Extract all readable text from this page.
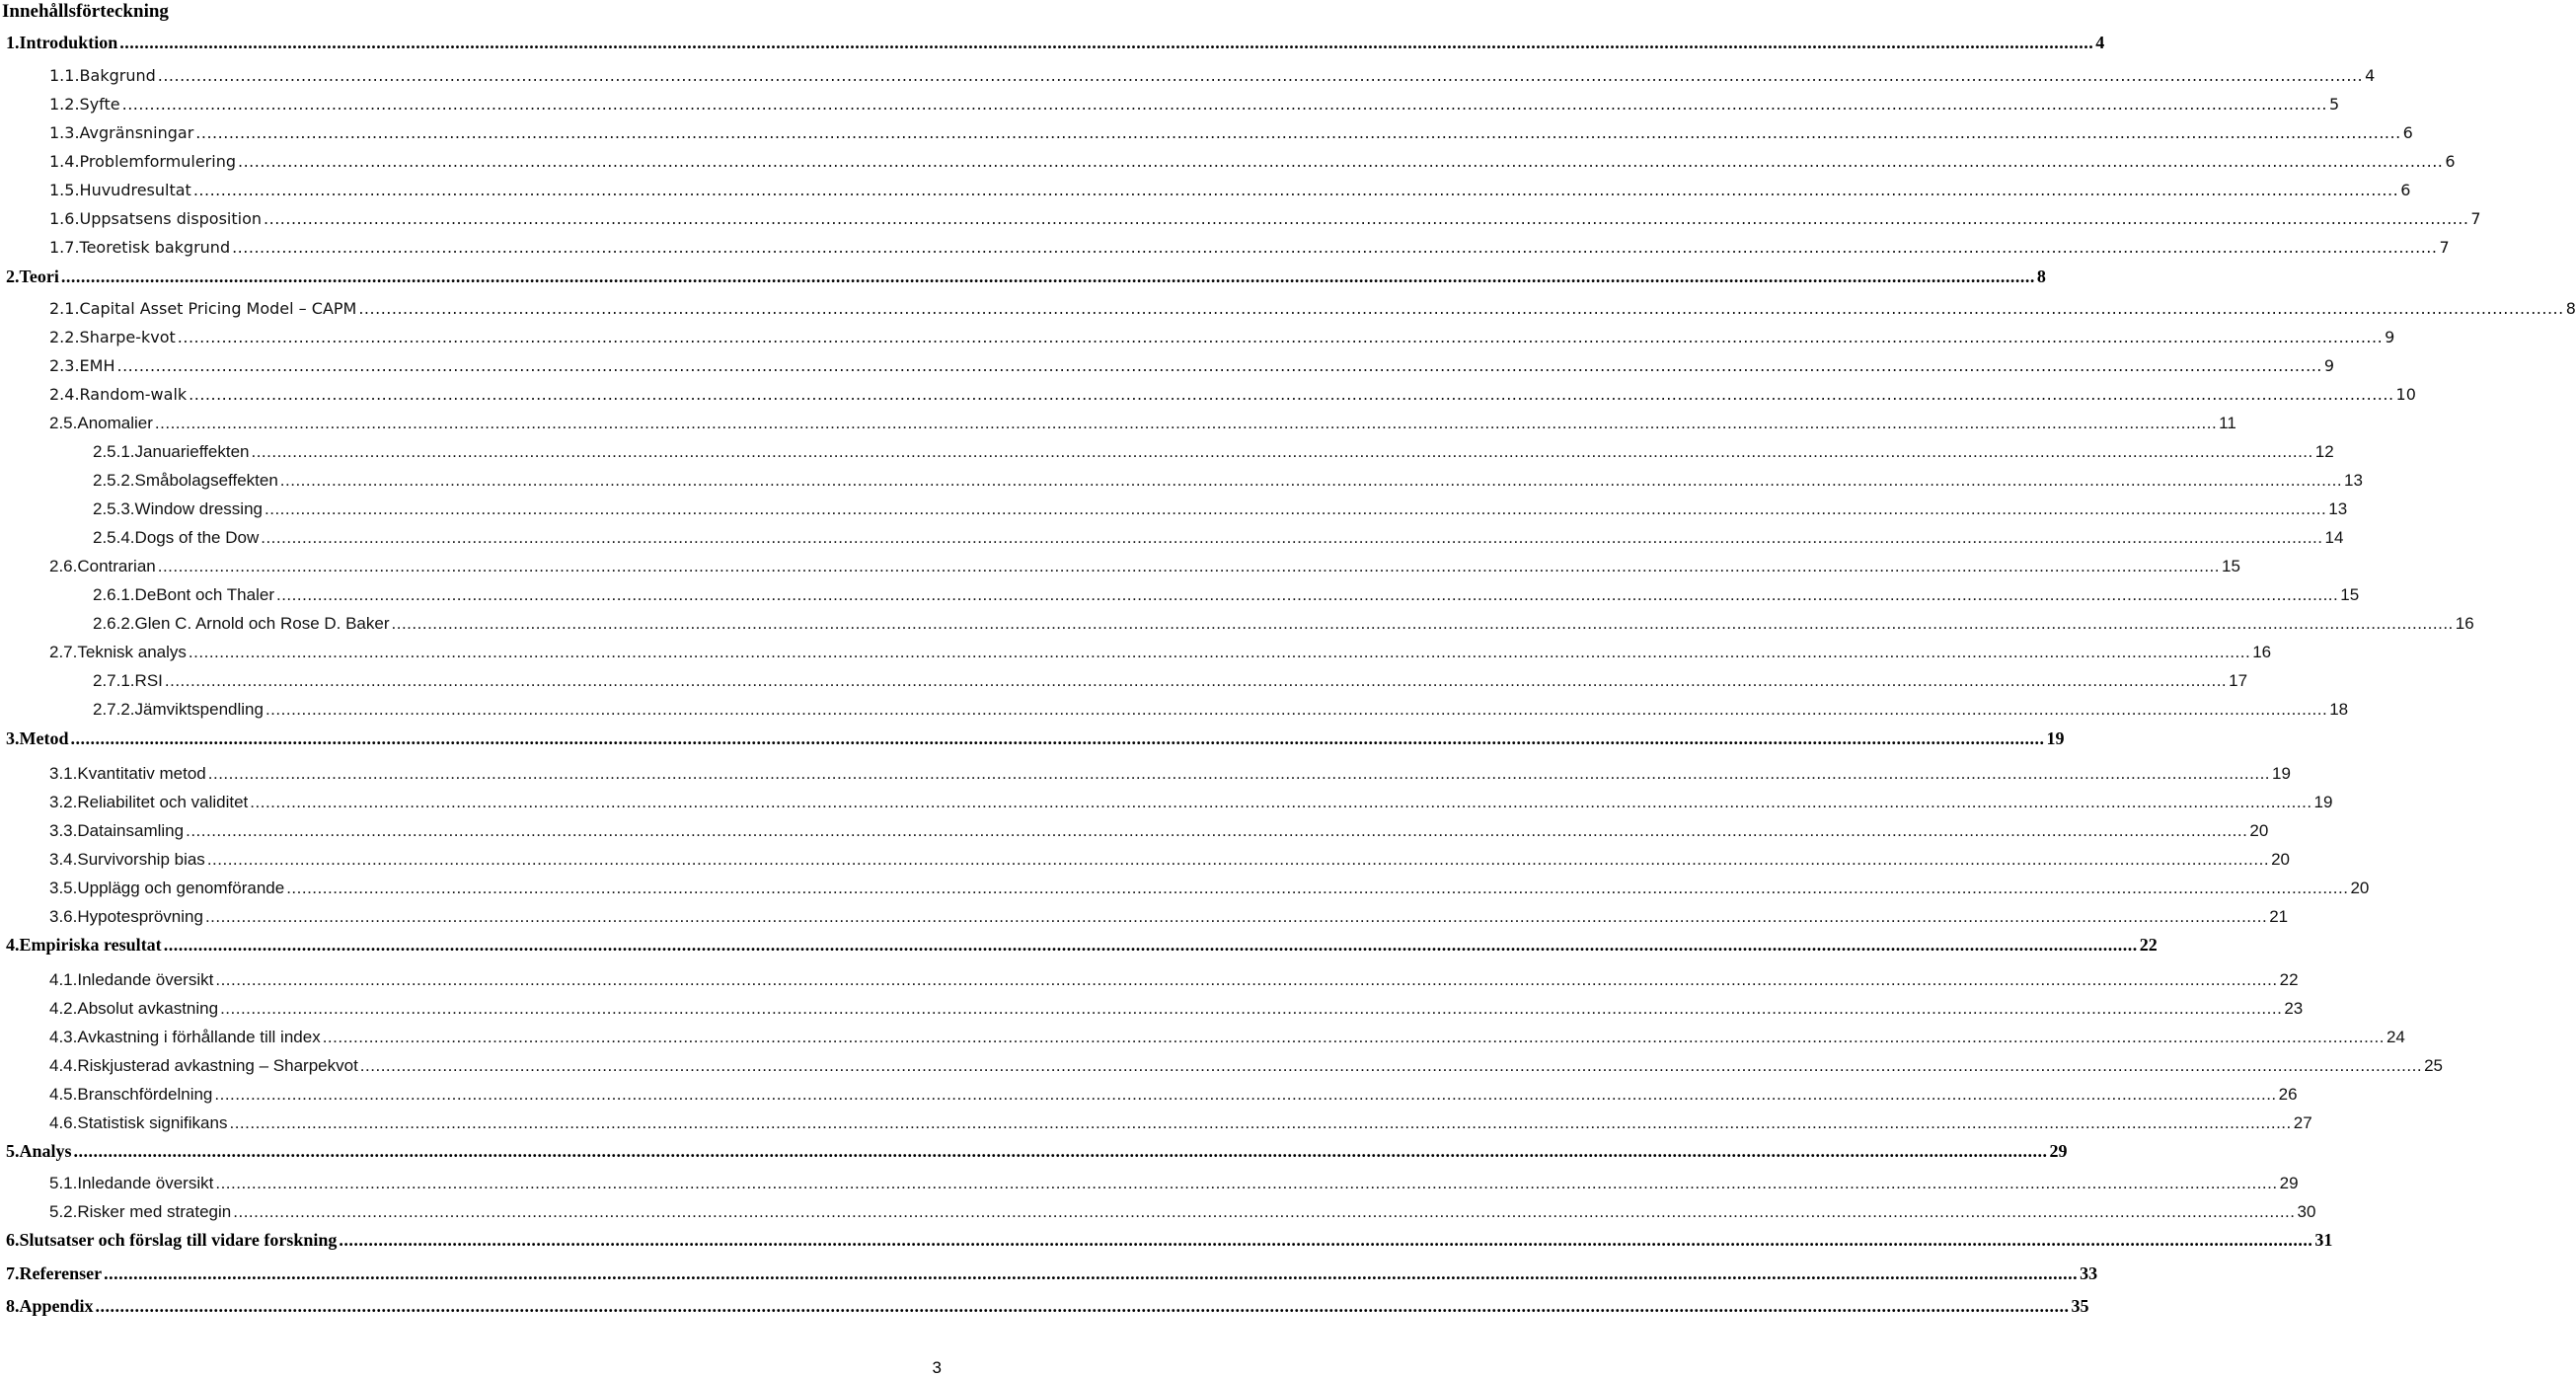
Innehållsförteckning
1. Introduktion ................................................................................................................................................................................................................................................................................................................................................................................................................ 4
1.1. Bakgrund ................................................................................................................................................................................................................................................................................................................................................................................................................ 4
1.2. Syfte ................................................................................................................................................................................................................................................................................................................................................................................................................ 5
1.3. Avgränsningar ................................................................................................................................................................................................................................................................................................................................................................................................................ 6
1.4. Problemformulering ................................................................................................................................................................................................................................................................................................................................................................................................................ 6
1.5. Huvudresultat ................................................................................................................................................................................................................................................................................................................................................................................................................ 6
1.6. Uppsatsens disposition ................................................................................................................................................................................................................................................................................................................................................................................................................ 7
1.7. Teoretisk bakgrund ................................................................................................................................................................................................................................................................................................................................................................................................................ 7
2. Teori ................................................................................................................................................................................................................................................................................................................................................................................................................ 8
2.1. Capital Asset Pricing Model – CAPM ................................................................................................................................................................................................................................................................................................................................................................................................................ 8
2.2. Sharpe-kvot ................................................................................................................................................................................................................................................................................................................................................................................................................ 9
2.3. EMH ................................................................................................................................................................................................................................................................................................................................................................................................................ 9
2.4. Random-walk ................................................................................................................................................................................................................................................................................................................................................................................................................ 10
2.5. Anomalier ................................................................................................................................................................................................................................................................................................................................................................................................................ 11
2.5.1. Januarieffekten ................................................................................................................................................................................................................................................................................................................................................................................................................ 12
2.5.2. Småbolagseffekten ................................................................................................................................................................................................................................................................................................................................................................................................................ 13
2.5.3. Window dressing ................................................................................................................................................................................................................................................................................................................................................................................................................ 13
2.5.4. Dogs of the Dow ................................................................................................................................................................................................................................................................................................................................................................................................................ 14
2.6. Contrarian ................................................................................................................................................................................................................................................................................................................................................................................................................ 15
2.6.1. DeBont och Thaler ................................................................................................................................................................................................................................................................................................................................................................................................................ 15
2.6.2. Glen C. Arnold och Rose D. Baker ................................................................................................................................................................................................................................................................................................................................................................................................................ 16
2.7. Teknisk analys ................................................................................................................................................................................................................................................................................................................................................................................................................ 16
2.7.1. RSI ................................................................................................................................................................................................................................................................................................................................................................................................................ 17
2.7.2. Jämviktspendling ................................................................................................................................................................................................................................................................................................................................................................................................................ 18
3. Metod ................................................................................................................................................................................................................................................................................................................................................................................................................ 19
3.1. Kvantitativ metod ................................................................................................................................................................................................................................................................................................................................................................................................................ 19
3.2. Reliabilitet och validitet ................................................................................................................................................................................................................................................................................................................................................................................................................ 19
3.3. Datainsamling ................................................................................................................................................................................................................................................................................................................................................................................................................ 20
3.4. Survivorship bias ................................................................................................................................................................................................................................................................................................................................................................................................................ 20
3.5. Upplägg och genomförande ................................................................................................................................................................................................................................................................................................................................................................................................................ 20
3.6. Hypotesprövning ................................................................................................................................................................................................................................................................................................................................................................................................................ 21
4. Empiriska resultat ................................................................................................................................................................................................................................................................................................................................................................................................................ 22
4.1. Inledande översikt ................................................................................................................................................................................................................................................................................................................................................................................................................ 22
4.2. Absolut avkastning ................................................................................................................................................................................................................................................................................................................................................................................................................ 23
4.3. Avkastning i förhållande till index ................................................................................................................................................................................................................................................................................................................................................................................................................ 24
4.4. Riskjusterad avkastning – Sharpekvot ................................................................................................................................................................................................................................................................................................................................................................................................................ 25
4.5. Branschfördelning ................................................................................................................................................................................................................................................................................................................................................................................................................ 26
4.6. Statistisk signifikans ................................................................................................................................................................................................................................................................................................................................................................................................................ 27
5. Analys ................................................................................................................................................................................................................................................................................................................................................................................................................ 29
5.1. Inledande översikt ................................................................................................................................................................................................................................................................................................................................................................................................................ 29
5.2. Risker med strategin ................................................................................................................................................................................................................................................................................................................................................................................................................ 30
6. Slutsatser och förslag till vidare forskning ................................................................................................................................................................................................................................................................................................................................................................................................................ 31
7. Referenser ................................................................................................................................................................................................................................................................................................................................................................................................................ 33
8. Appendix ................................................................................................................................................................................................................................................................................................................................................................................................................ 35
3
